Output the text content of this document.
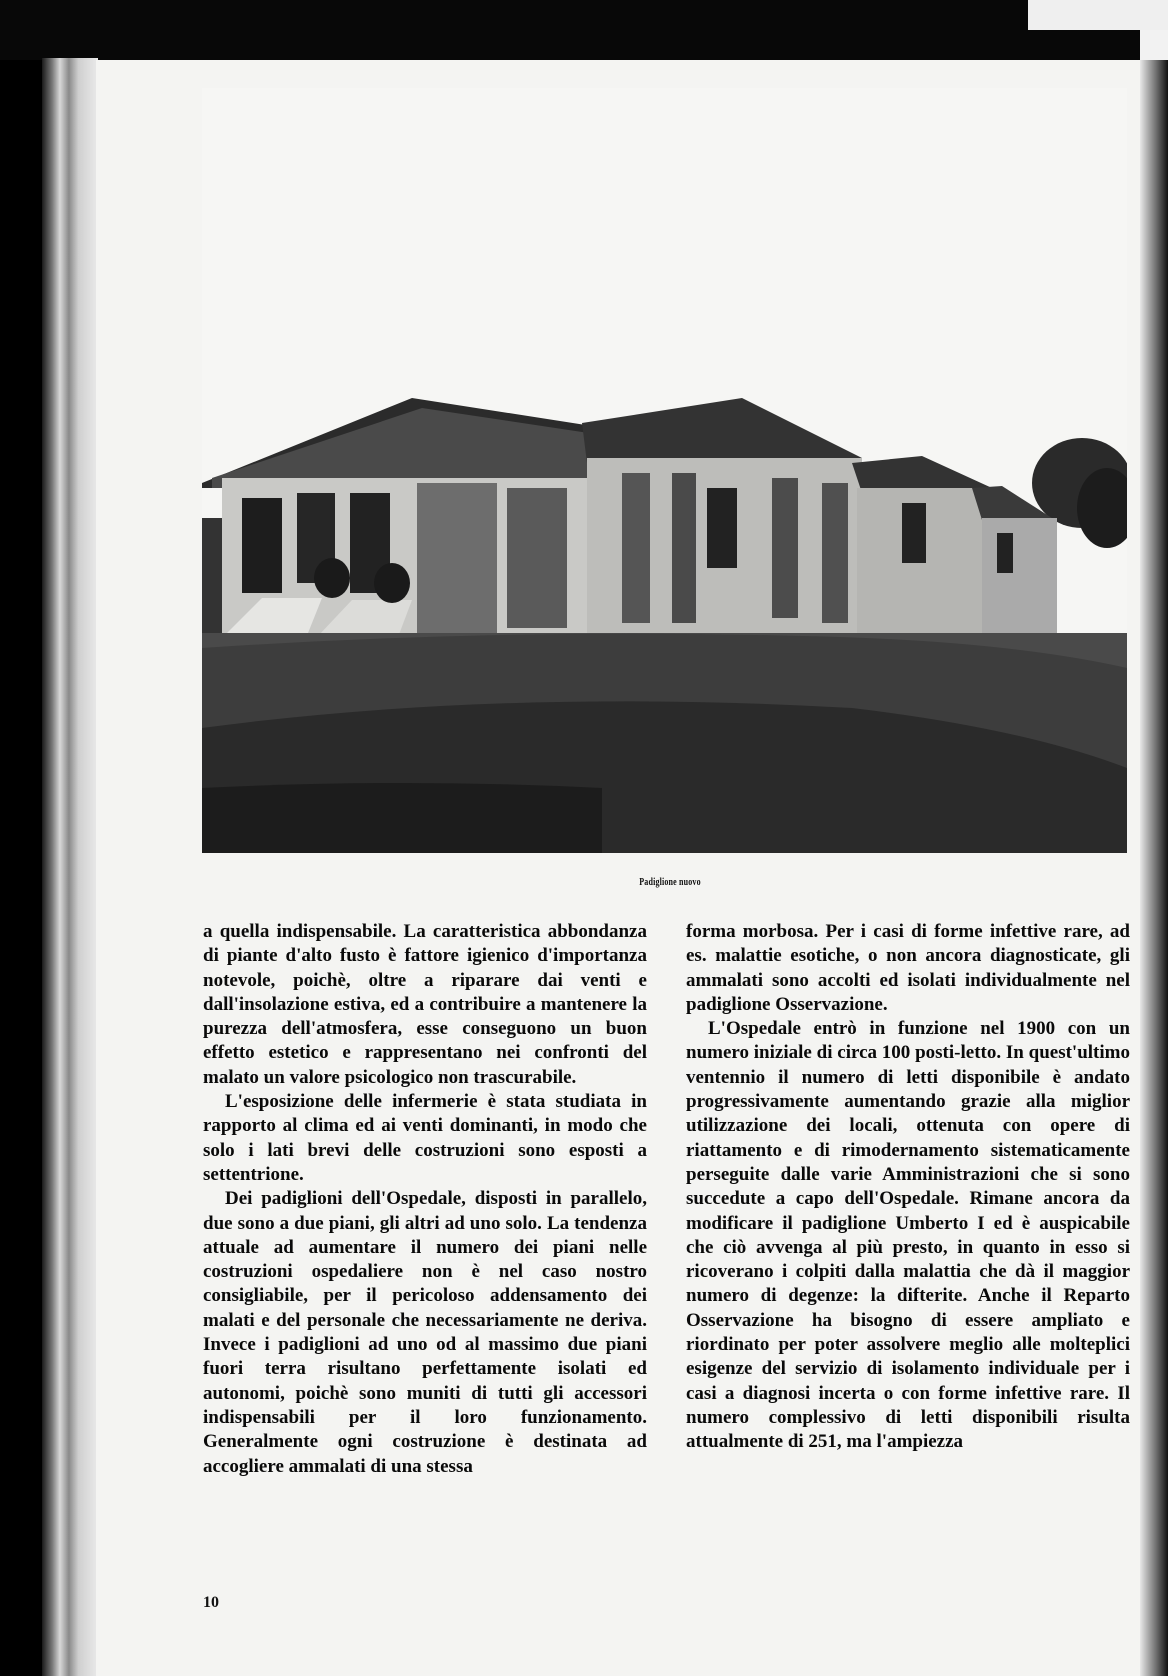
Padiglione nuovo

a quella indispensabile. La caratteristica abbondanza di piante d'alto fusto è fattore igienico d'importanza notevole, poichè, oltre a riparare dai venti e dall'insolazione estiva, ed a contribuire a mantenere la purezza dell'atmosfera, esse conseguono un buon effetto estetico e rappresentano nei confronti del malato un valore psicologico non trascurabile.

L'esposizione delle infermerie è stata studiata in rapporto al clima ed ai venti dominanti, in modo che solo i lati brevi delle costruzioni sono esposti a settentrione.

Dei padiglioni dell'Ospedale, disposti in parallelo, due sono a due piani, gli altri ad uno solo. La tendenza attuale ad aumentare il numero dei piani nelle costruzioni ospedaliere non è nel caso nostro consigliabile, per il pericoloso addensamento dei malati e del personale che necessariamente ne deriva. Invece i padiglioni ad uno od al massimo due piani fuori terra risultano perfettamente isolati ed autonomi, poichè sono muniti di tutti gli accessori indispensabili per il loro funzionamento. Generalmente ogni costruzione è destinata ad accogliere ammalati di una stessa

forma morbosa. Per i casi di forme infettive rare, ad es. malattie esotiche, o non ancora diagnosticate, gli ammalati sono accolti ed isolati individualmente nel padiglione Osservazione.

L'Ospedale entrò in funzione nel 1900 con un numero iniziale di circa 100 posti-letto. In quest'ultimo ventennio il numero di letti disponibile è andato progressivamente aumentando grazie alla miglior utilizzazione dei locali, ottenuta con opere di riattamento e di rimodernamento sistematicamente perseguite dalle varie Amministrazioni che si sono succedute a capo dell'Ospedale. Rimane ancora da modificare il padiglione Umberto I ed è auspicabile che ciò avvenga al più presto, in quanto in esso si ricoverano i colpiti dalla malattia che dà il maggior numero di degenze: la difterite. Anche il Reparto Osservazione ha bisogno di essere ampliato e riordinato per poter assolvere meglio alle molteplici esigenze del servizio di isolamento individuale per i casi a diagnosi incerta o con forme infettive rare. Il numero complessivo di letti disponibili risulta attualmente di 251, ma l'ampiezza

10
